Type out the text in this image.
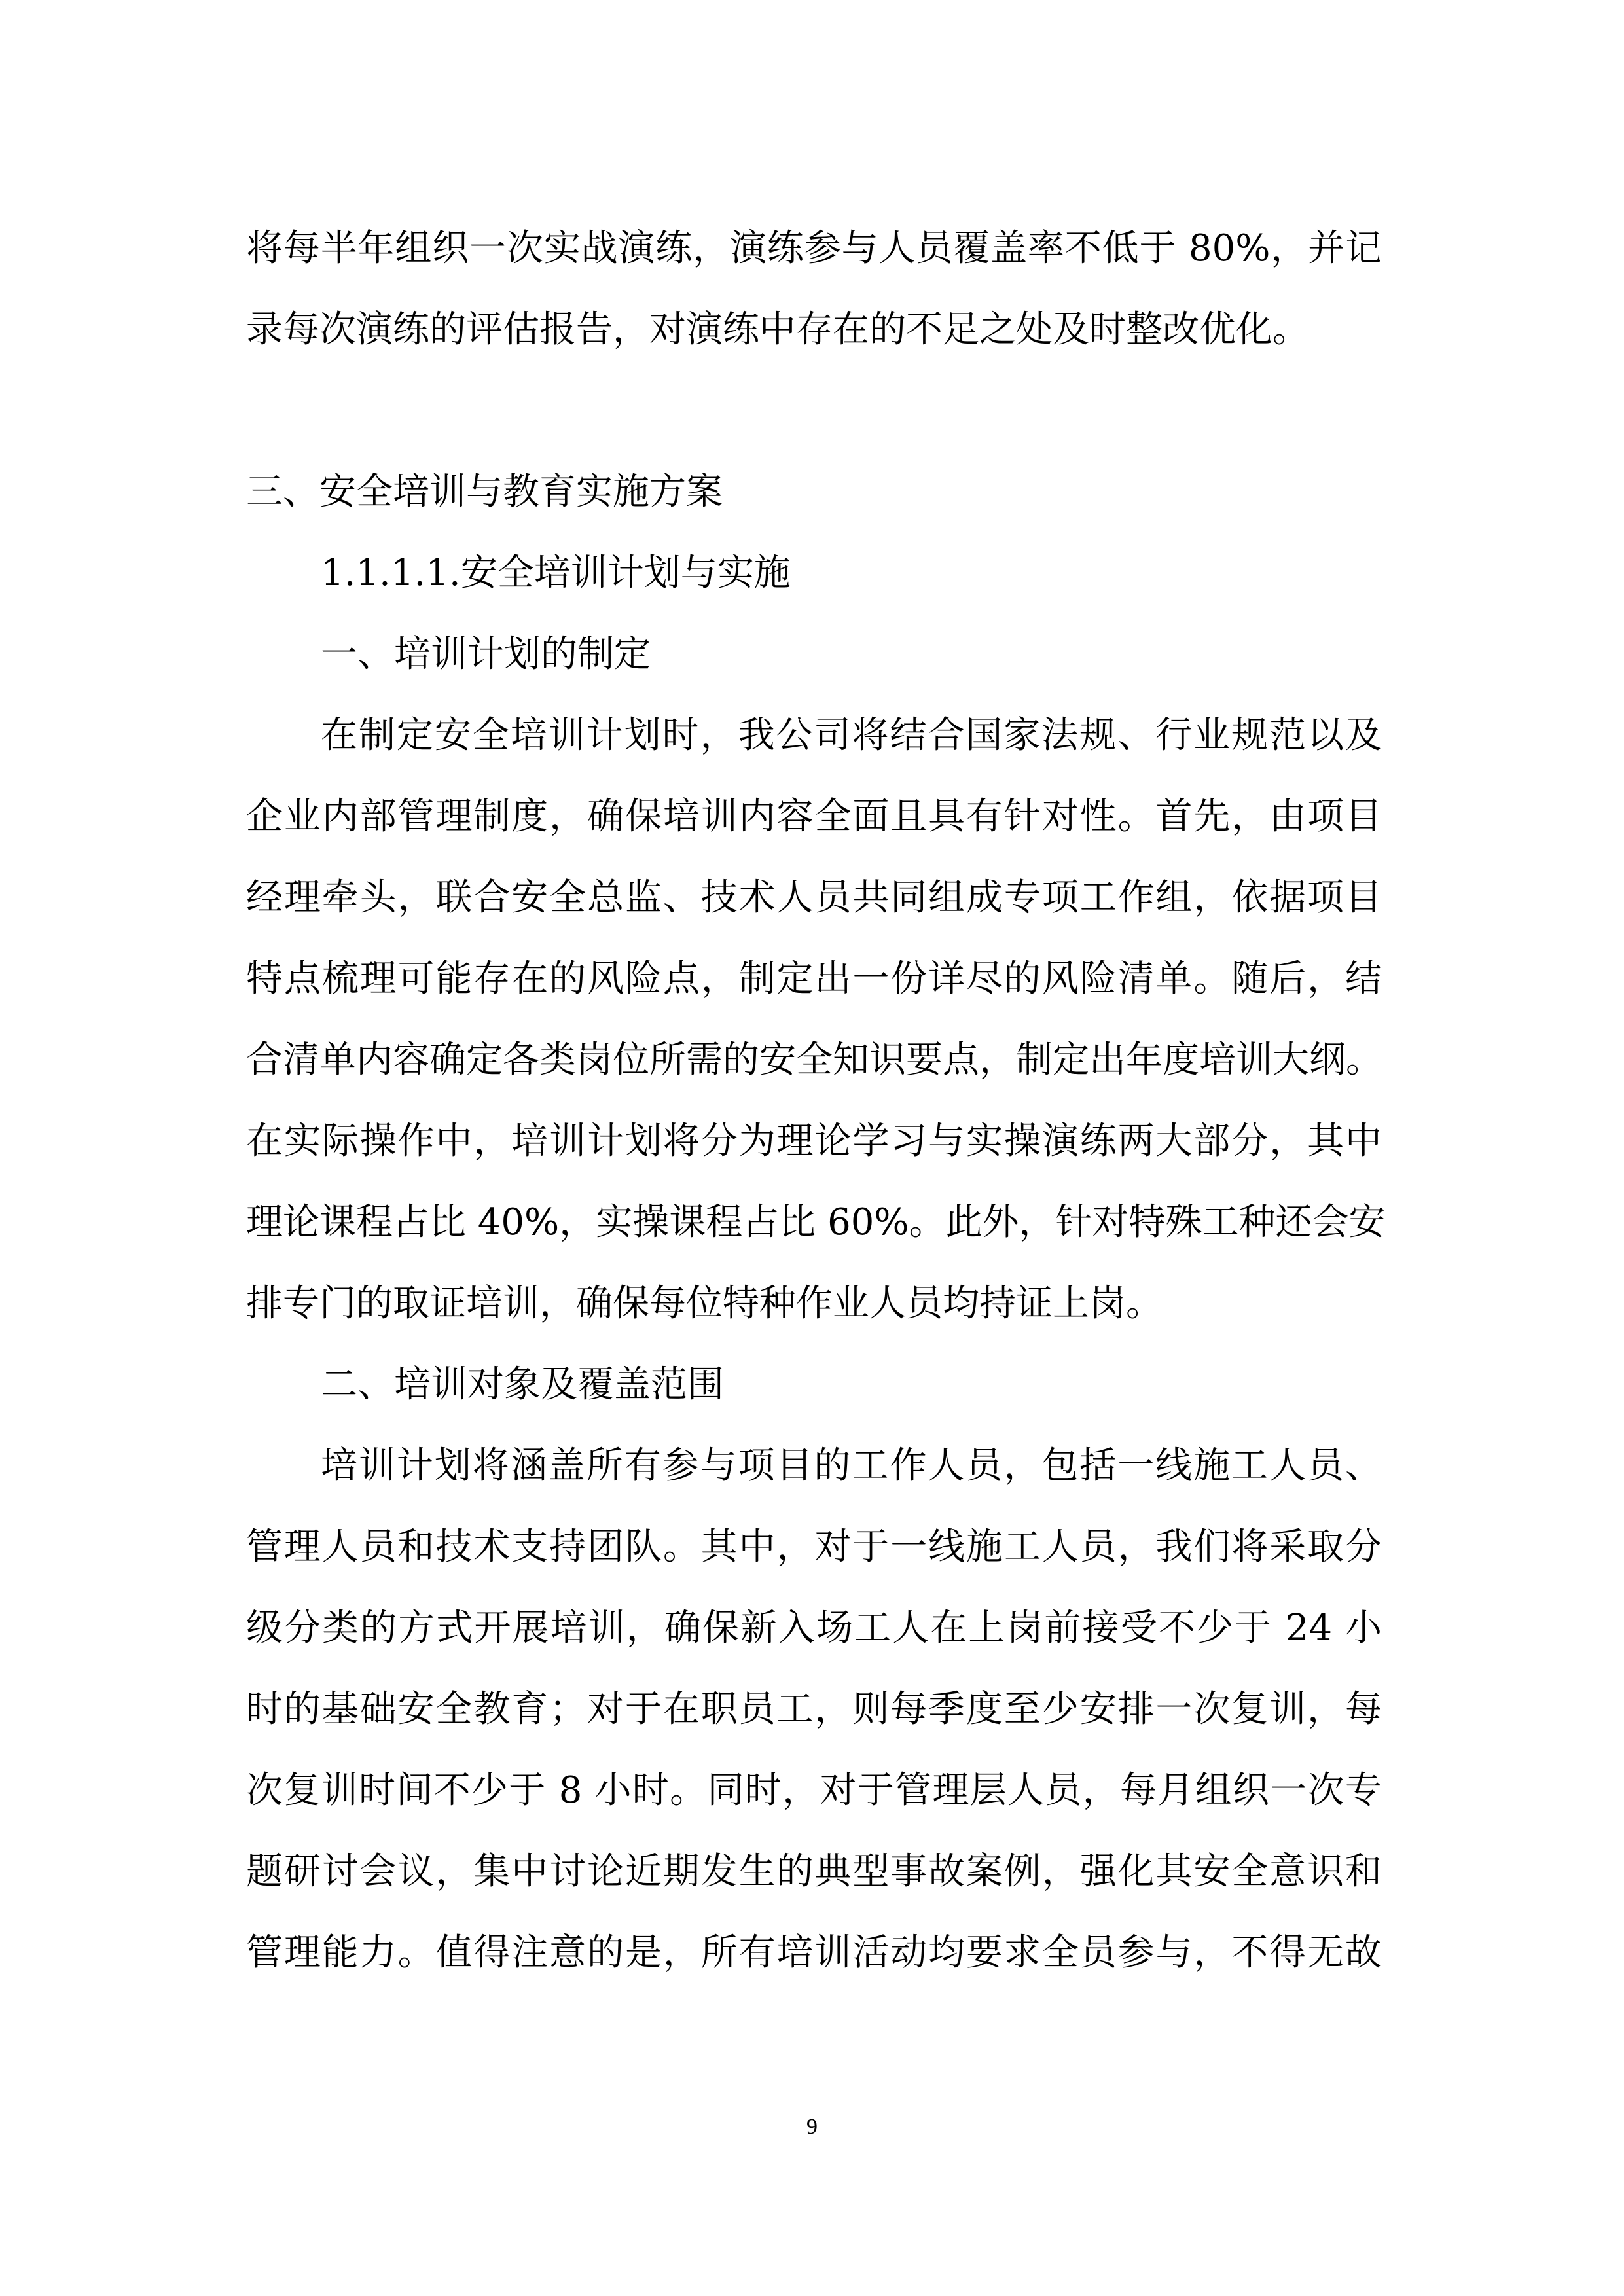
将每半年组织一次实战演练，演练参与人员覆盖率不低于 80%，并记
录每次演练的评估报告，对演练中存在的不足之处及时整改优化。
三、安全培训与教育实施方案
1.1.1.1.安全培训计划与实施
一、培训计划的制定
在制定安全培训计划时，我公司将结合国家法规、行业规范以及
企业内部管理制度，确保培训内容全面且具有针对性。首先，由项目
经理牵头，联合安全总监、技术人员共同组成专项工作组，依据项目
特点梳理可能存在的风险点，制定出一份详尽的风险清单。随后，结
合清单内容确定各类岗位所需的安全知识要点，制定出年度培训大纲。
在实际操作中，培训计划将分为理论学习与实操演练两大部分，其中
理论课程占比 40%，实操课程占比 60%。此外，针对特殊工种还会安
排专门的取证培训，确保每位特种作业人员均持证上岗。
二、培训对象及覆盖范围
培训计划将涵盖所有参与项目的工作人员，包括一线施工人员、
管理人员和技术支持团队。其中，对于一线施工人员，我们将采取分
级分类的方式开展培训，确保新入场工人在上岗前接受不少于 24 小
时的基础安全教育；对于在职员工，则每季度至少安排一次复训，每
次复训时间不少于 8 小时。同时，对于管理层人员，每月组织一次专
题研讨会议，集中讨论近期发生的典型事故案例，强化其安全意识和
管理能力。值得注意的是，所有培训活动均要求全员参与，不得无故
9
